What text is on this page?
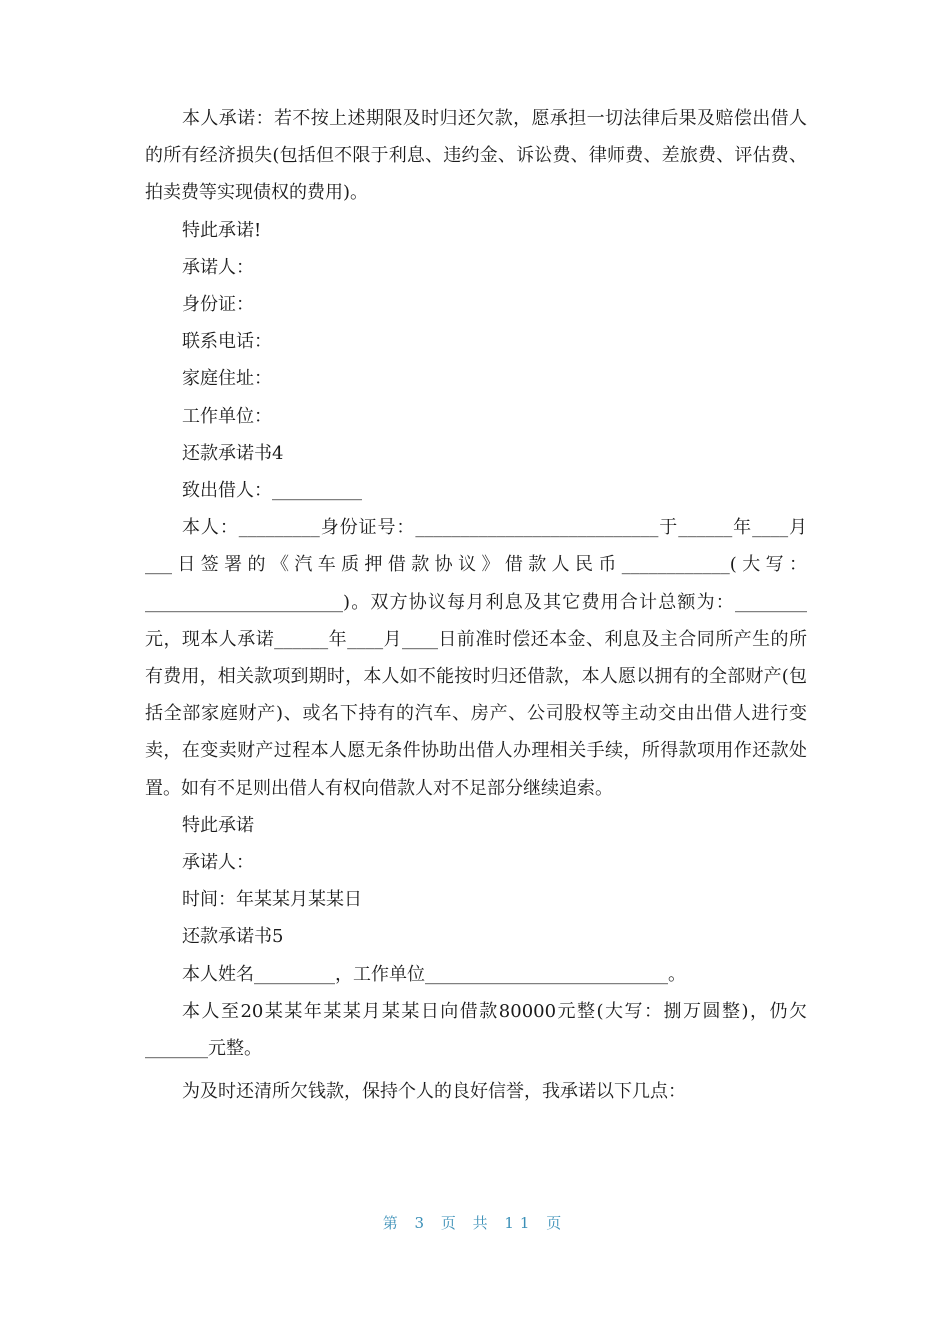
本人承诺：若不按上述期限及时归还欠款，愿承担一切法律后果及赔偿出借人的所有经济损失(包括但不限于利息、违约金、诉讼费、律师费、差旅费、评估费、拍卖费等实现债权的费用)。

特此承诺!

承诺人：

身份证：

联系电话：

家庭住址：

工作单位：

还款承诺书4

致出借人：__________

本人：_________身份证号：___________________________于______年____月___日签署的《汽车质押借款协议》借款人民币____________(大写：______________________)。双方协议每月利息及其它费用合计总额为：________元，现本人承诺______年____月____日前准时偿还本金、利息及主合同所产生的所有费用，相关款项到期时，本人如不能按时归还借款，本人愿以拥有的全部财产(包括全部家庭财产)、或名下持有的汽车、房产、公司股权等主动交由出借人进行变卖，在变卖财产过程本人愿无条件协助出借人办理相关手续，所得款项用作还款处置。如有不足则出借人有权向借款人对不足部分继续追索。

特此承诺

承诺人：

时间：年某某月某某日

还款承诺书5

本人姓名_________，工作单位___________________________。

本人至20某某年某某月某某日向借款80000元整(大写：捌万圆整)，仍欠_______元整。

为及时还清所欠钱款，保持个人的良好信誉，我承诺以下几点：

第 3 页 共 11 页
